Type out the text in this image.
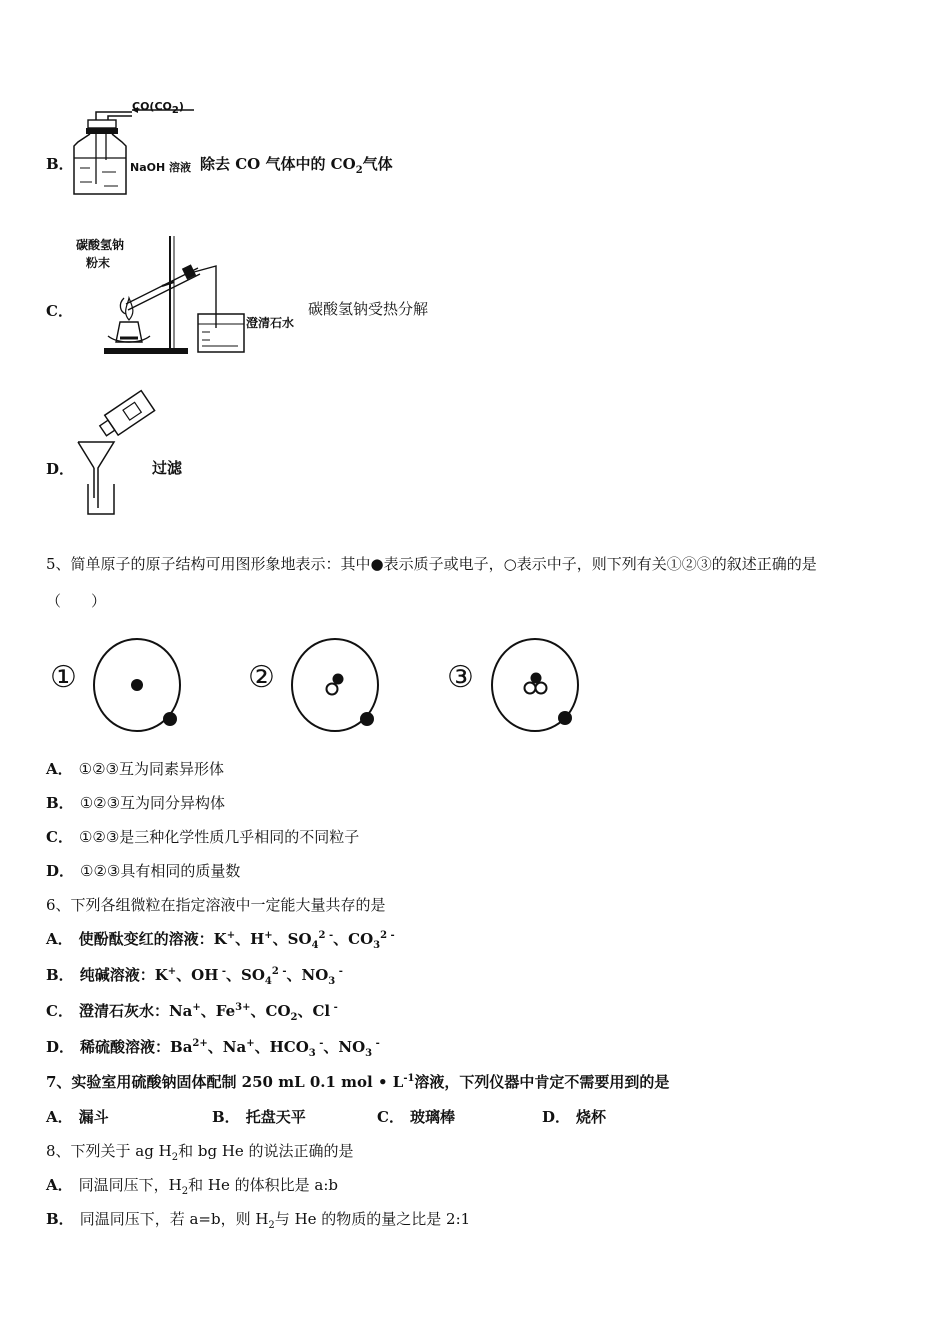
B．
$CO(CO_2)$
NaOH 溶液 除去 CO 气体中的 $CO_2$气体
C．
碳酸氢钠
粉末
澄清石水
碳酸氢钠受热分解
D．	过滤
5、简单原子的原子结构可用图形象地表示：其中●表示质子或电子，○表示中子，则下列有关①②③的叙述正确的是
（　　）
①	②	③
A． ①②③互为同素异形体
B． ①②③互为同分异构体
C． ①②③是三种化学性质几乎相同的不同粒子
D． ①②③具有相同的质量数
6、下列各组微粒在指定溶液中一定能大量共存的是
A． 使酚酞变红的溶液：K+、H+、$SO_4^{2 -}$、$CO_3^{2 -}$
B． 纯碱溶液：K+、OH -、$SO_4^{2 -}$、$NO_3$ -
C． 澄清石灰水：Na+、$Fe^{3+}$、$CO_2$、Cl -
D． 稀硫酸溶液：$Ba^{2+}$、Na+、$HCO_3$ -、$NO_3$ -
7、实验室用硫酸钠固体配制 250 mL 0.1 mol • $L^{-1}$溶液，下列仪器中肯定不需要用到的是
A． 漏斗	B． 托盘天平	C． 玻璃棒	D． 烧杯
8、下列关于 ag $H_2$和 bg He 的说法正确的是
A． 同温同压下，$H_2$和 He 的体积比是 a:b
B． 同温同压下，若 a=b，则 $H_2$与 He 的物质的量之比是 2:1
